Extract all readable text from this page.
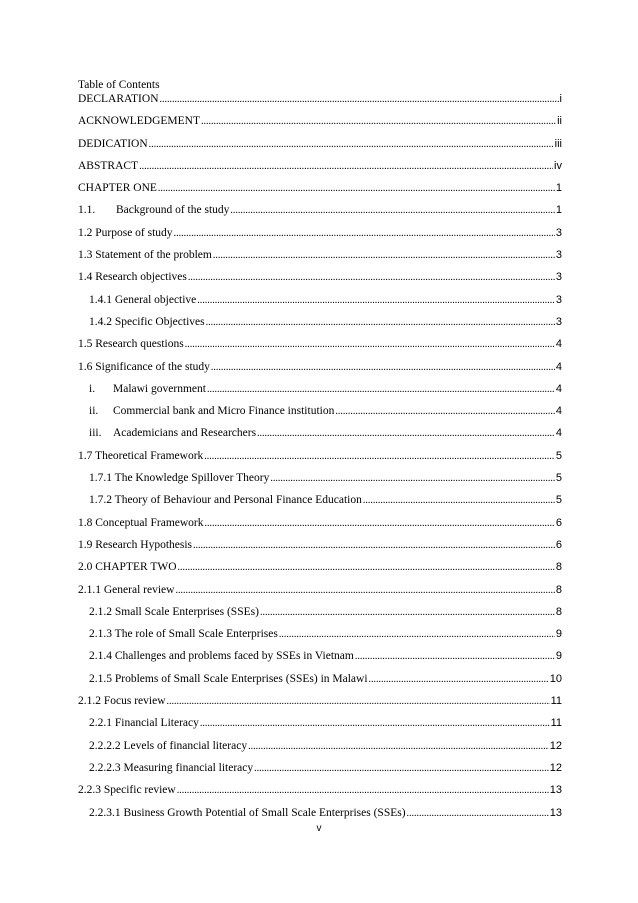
Table of Contents
DECLARATION .....	i
ACKNOWLEDGEMENT .....	ii
DEDICATION .....	iii
ABSTRACT .....	iv
CHAPTER ONE .....	1
1.1.	Background of the study .....	1
1.2 Purpose of study .....	3
1.3 Statement of the problem .....	3
1.4 Research objectives .....	3
1.4.1 General objective .....	3
1.4.2 Specific Objectives .....	3
1.5 Research questions .....	4
1.6 Significance of the study .....	4
i.	Malawi government .....	4
ii.	Commercial bank and Micro Finance institution .....	4
iii.	Academicians and Researchers .....	4
1.7 Theoretical Framework .....	5
1.7.1 The Knowledge Spillover Theory .....	5
1.7.2 Theory of Behaviour and Personal Finance Education .....	5
1.8 Conceptual Framework .....	6
1.9 Research Hypothesis .....	6
2.0 CHAPTER TWO .....	8
2.1.1 General review .....	8
2.1.2 Small Scale Enterprises (SSEs) .....	8
2.1.3 The role of Small Scale Enterprises .....	9
2.1.4 Challenges and problems faced by SSEs in Vietnam .....	9
2.1.5 Problems of Small Scale Enterprises (SSEs) in Malawi .....	10
2.1.2 Focus review .....	11
2.2.1 Financial Literacy .....	11
2.2.2.2 Levels of financial literacy .....	12
2.2.2.3 Measuring financial literacy .....	12
2.2.3 Specific review .....	13
2.2.3.1 Business Growth Potential of Small Scale Enterprises (SSEs) .....	13
v
